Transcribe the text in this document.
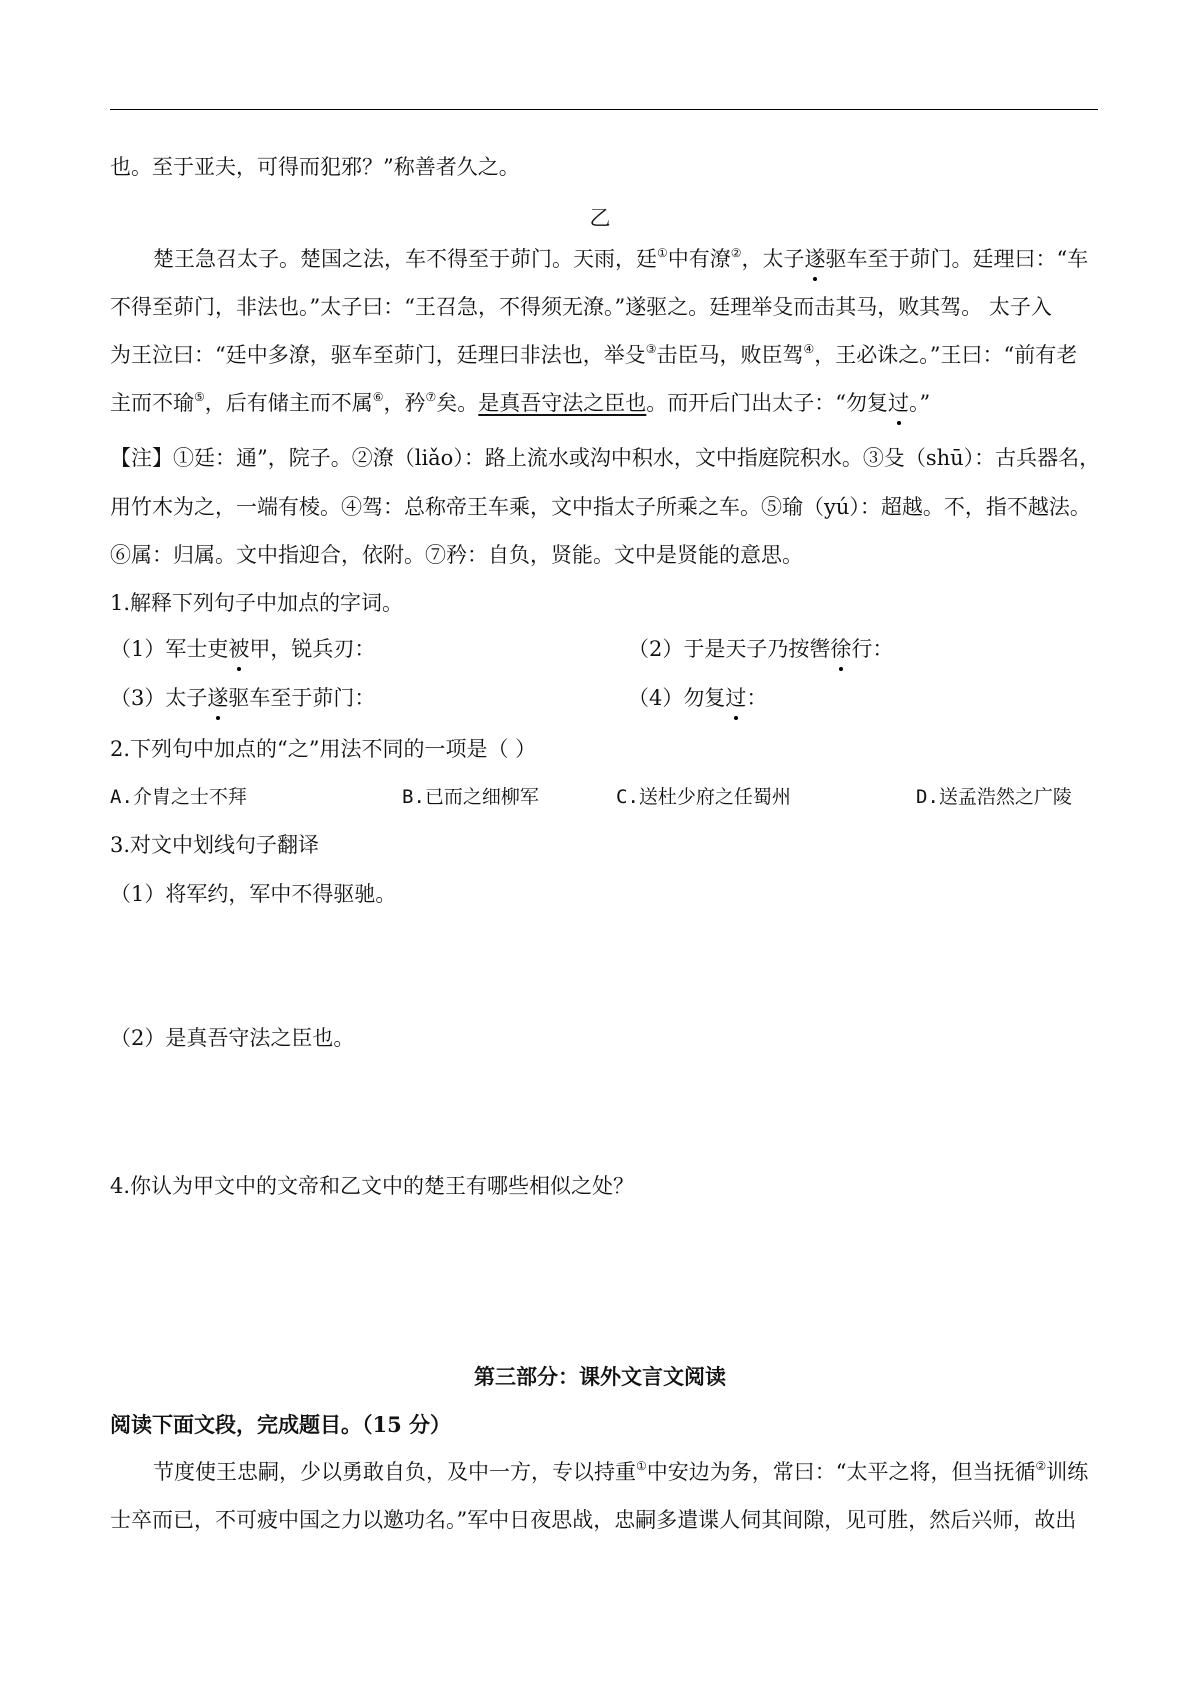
也。至于亚夫，可得而犯邪？”称善者久之。
乙
楚王急召太子。楚国之法，车不得至于茆门。天雨，廷①中有潦②，太子遂驱车至于茆门。廷理曰：“车
不得至茆门，非法也。”太子曰：“王召急，不得须无潦。”遂驱之。廷理举殳而击其马，败其驾。 太子入
为王泣曰：“廷中多潦，驱车至茆门，廷理曰非法也，举殳③击臣马，败臣驾④，王必诛之。”王曰：“前有老
主而不瑜⑤，后有储主而不属⑥，矜⑦矣。是真吾守法之臣也。而开后门出太子：“勿复过。”
【注】①廷：通”，院子。②潦（liǎo）：路上流水或沟中积水，文中指庭院积水。③殳（shū）：古兵器名，
用竹木为之，一端有棱。④驾：总称帝王车乘，文中指太子所乘之车。⑤瑜（yú）：超越。不，指不越法。
⑥属：归属。文中指迎合，依附。⑦矜：自负，贤能。文中是贤能的意思。
1.解释下列句子中加点的字词。
（1）军士吏被甲，锐兵刃：	（2）于是天子乃按辔徐行：
（3）太子遂驱车至于茆门：	（4）勿复过：
2.下列句中加点的“之”用法不同的一项是（ ）
A.介胄之士不拜	B.已而之细柳军	C.送杜少府之任蜀州	D.送孟浩然之广陵
3.对文中划线句子翻译
（1）将军约，军中不得驱驰。
（2）是真吾守法之臣也。
4.你认为甲文中的文帝和乙文中的楚王有哪些相似之处？
第三部分：课外文言文阅读
阅读下面文段，完成题目。（15 分）
节度使王忠嗣，少以勇敢自负，及中一方，专以持重①中安边为务，常曰：“太平之将，但当抚循②训练
士卒而已，不可疲中国之力以邀功名。”军中日夜思战，忠嗣多遣谍人伺其间隙，见可胜，然后兴师，故出
